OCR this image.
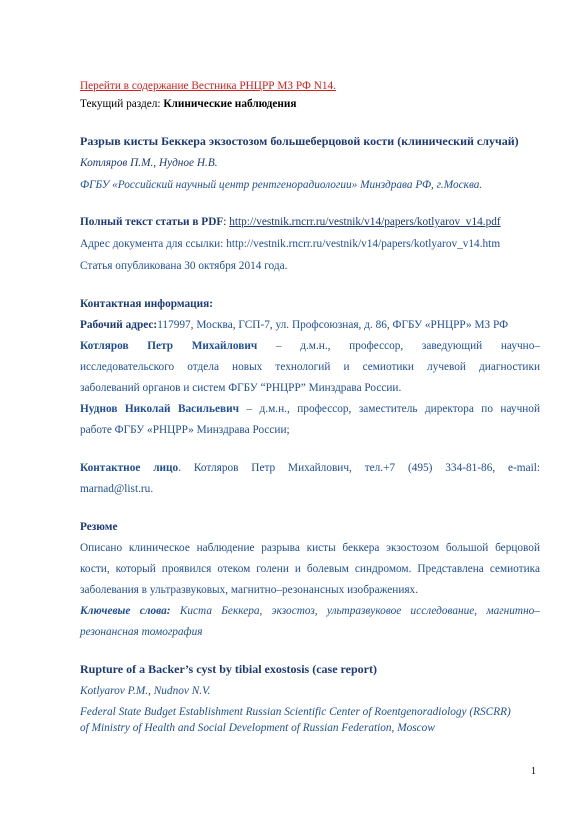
Перейти в содержание Вестника РНЦРР МЗ РФ N14.
Текущий раздел: Клинические наблюдения
Разрыв кисты Беккера экзостозом большеберцовой кости (клинический случай)
Котляров П.М., Нудное Н.В.
ФГБУ «Российский научный центр рентгенорадиологии» Минздрава РФ, г.Москва.
Полный текст статьи в PDF: http://vestnik.rncrr.ru/vestnik/v14/papers/kotlyarov_v14.pdf
Адрес документа для ссылки: http://vestnik.rncrr.ru/vestnik/v14/papers/kotlyarov_v14.htm
Статья опубликована 30 октября 2014 года.
Контактная информация:
Рабочий адрес:117997, Москва, ГСП-7, ул. Профсоюзная, д. 86, ФГБУ «РНЦРР» МЗ РФ
Котляров Петр Михайлович – д.м.н., профессор, заведующий научно–
исследовательского отдела новых технологий и семиотики лучевой диагностики
заболеваний органов и систем ФГБУ “РНЦРР” Минздрава России.
Нуднов Николай Васильевич – д.м.н., профессор, заместитель директора по научной
работе ФГБУ «РНЦРР» Минздрава России;
Контактное лицо. Котляров Петр Михайлович, тел.+7 (495) 334-81-86, e-mail:
marnad@list.ru.
Резюме
Описано клиническое наблюдение разрыва кисты беккера экзостозом большой берцовой
кости, который проявился отеком голени и болевым синдромом. Представлена семиотика
заболевания в ультразвуковых, магнитно–резонансных изображениях.
Ключевые слова: Киста Беккера, экзостоз, ультразвуковое исследование, магнитно–
резонансная томография
Rupture of a Backer’s cyst by tibial exostosis (case report)
Kotlyarov P.M., Nudnov N.V.
Federal State Budget Establishment Russian Scientific Center of Roentgenoradiology (RSCRR)
of Ministry of Health and Social Development of Russian Federation, Moscow
1
